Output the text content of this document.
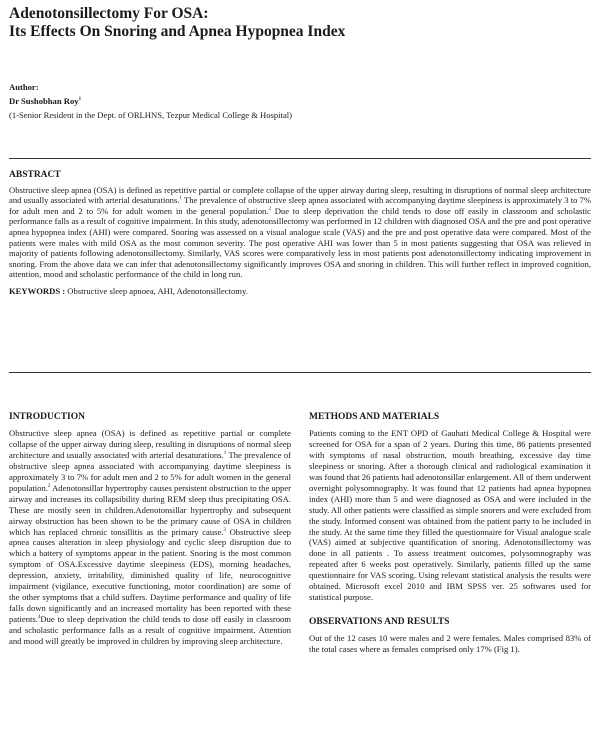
Adenotonsillectomy For OSA:
Its Effects On Snoring and Apnea Hypopnea Index
Author:
Dr Sushobhan Roy$^1$
(1-Senior Resident in the Dept. of ORLHNS, Tezpur Medical College & Hospital)
ABSTRACT

Obstructive sleep apnea (OSA) is defined as repetitive partial or complete collapse of the upper airway during sleep, resulting in disruptions of normal sleep architecture and usually associated with arterial desaturations.$^1$ The prevalence of obstructive sleep apnea associated with accompanying daytime sleepiness is approximately 3 to 7% for adult men and 2 to 5% for adult women in the general population.$^2$ Due to sleep deprivation the child tends to dose off easily in classroom and scholastic performance falls as a result of cognitive impairment. In this study, adenotonsillectomy was performed in 12 children with diagnosed OSA and the pre and post operative apnea hypopnea index (AHI) were compared. Snoring was assessed on a visual analogue scale (VAS) and the pre and post operative data were compared. Most of the patients were males with mild OSA as the most common severity. The post operative AHI was lower than 5 in most patients suggesting that OSA was relieved in majority of patients following adenotonsillectomy. Similarly, VAS scores were comparatively less in most patients post adenotonsillectomy indicating improvement in snoring. From the above data we can infer that adenotonsillectomy significantly improves OSA and snoring in children. This will further reflect in improved cognition, attention, mood and scholastic performance of the child in long run.

KEYWORDS : Obstructive sleep apnoea, AHI, Adenotonsillectomy.

INTRODUCTION

Obstructive sleep apnea (OSA) is defined as repetitive partial or complete collapse of the upper airway during sleep, resulting in disruptions of normal sleep architecture and usually associated with arterial desaturations.$^1$ The prevalence of obstructive sleep apnea associated with accompanying daytime sleepiness is approximately 3 to 7% for adult men and 2 to 5% for adult women in the general population.$^2$ Adenotonsillar hypertrophy causes persistent obstruction to the upper airway and increases its collapsibility during REM sleep thus precipitating OSA. These are mostly seen in children.Adenotonsillar hypertrophy and subsequent airway obstruction has been shown to be the primary cause of OSA in children which has replaced chronic tonsillitis as the primary cause.$^3$ Obstructive sleep apnea causes alteration in sleep physiology and cyclic sleep disruption due to which a battery of symptoms appear in the patient. Snoring is the most common symptom of OSA.Excessive daytime sleepiness (EDS), morning headaches, depression, anxiety, irritability, diminished quality of life, neurocognitive impairment (vigilance, executive functioning, motor coordination) are some of the other symptoms that a child suffers. Daytime performance and quality of life falls down significantly and an increased mortality has been reported with these patients.$^4$Due to sleep deprivation the child tends to dose off easily in classroom and scholastic performance falls as a result of cognitive impairment. Attention and mood will greatly be improved in children by improving sleep architecture.

METHODS AND MATERIALS

Patients coming to the ENT OPD of Gauhati Medical College & Hospital were screened for OSA for a span of 2 years. During this time, 86 patients presented with symptoms of nasal obstruction, mouth breathing, excessive day time sleepiness or snoring. After a thorough clinical and radiological examination it was found that 26 patients had adenotonsillar enlargement. All of them underwent overnight polysomnography. It was found that 12 patients had apnea hypopnea index (AHI) more than 5 and were diagnosed as OSA and were included in the study. All other patients were classified as simple snorers and were excluded from the study. Informed consent was obtained from the patient party to be included in the study. At the same time they filled the questionnaire for Visual analogue scale (VAS) aimed at subjective quantification of snoring. Adenotonsillectomy was done in all patients . To assess treatment outcomes, polysomnography was repeated after 6 weeks post operatively. Similarly, patients filled up the same questionnaire for VAS scoring. Using relevant statistical analysis the results were obtained. Microsoft excel 2010 and IBM SPSS ver. 25 softwares used for statistical purpose.

OBSERVATIONS AND RESULTS

Out of the 12 cases 10 were males and 2 were females. Males comprised 83% of the total cases where as females comprised only 17% (Fig 1).
